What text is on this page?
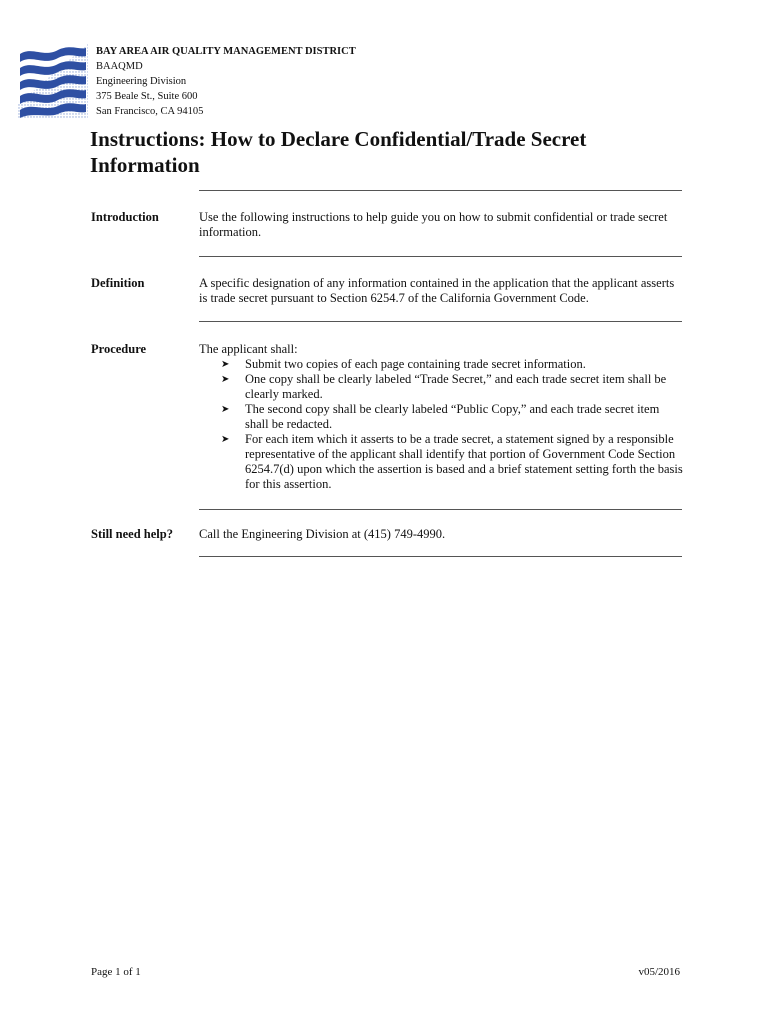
BAY AREA AIR QUALITY MANAGEMENT DISTRICT
BAAQMD
Engineering Division
375 Beale St., Suite 600
San Francisco, CA 94105
Instructions: How to Declare Confidential/Trade Secret
Information
Introduction	Use the following instructions to help guide you on how to submit confidential or trade secret information.
Definition	A specific designation of any information contained in the application that the applicant asserts is trade secret pursuant to Section 6254.7 of the California Government Code.
Procedure	The applicant shall:
➤ Submit two copies of each page containing trade secret information.
➤ One copy shall be clearly labeled “Trade Secret,” and each trade secret item shall be clearly marked.
➤ The second copy shall be clearly labeled “Public Copy,” and each trade secret item shall be redacted.
➤ For each item which it asserts to be a trade secret, a statement signed by a responsible representative of the applicant shall identify that portion of Government Code Section 6254.7(d) upon which the assertion is based and a brief statement setting forth the basis for this assertion.
Still need help? Call the Engineering Division at (415) 749-4990.
Page 1 of 1	v05/2016
